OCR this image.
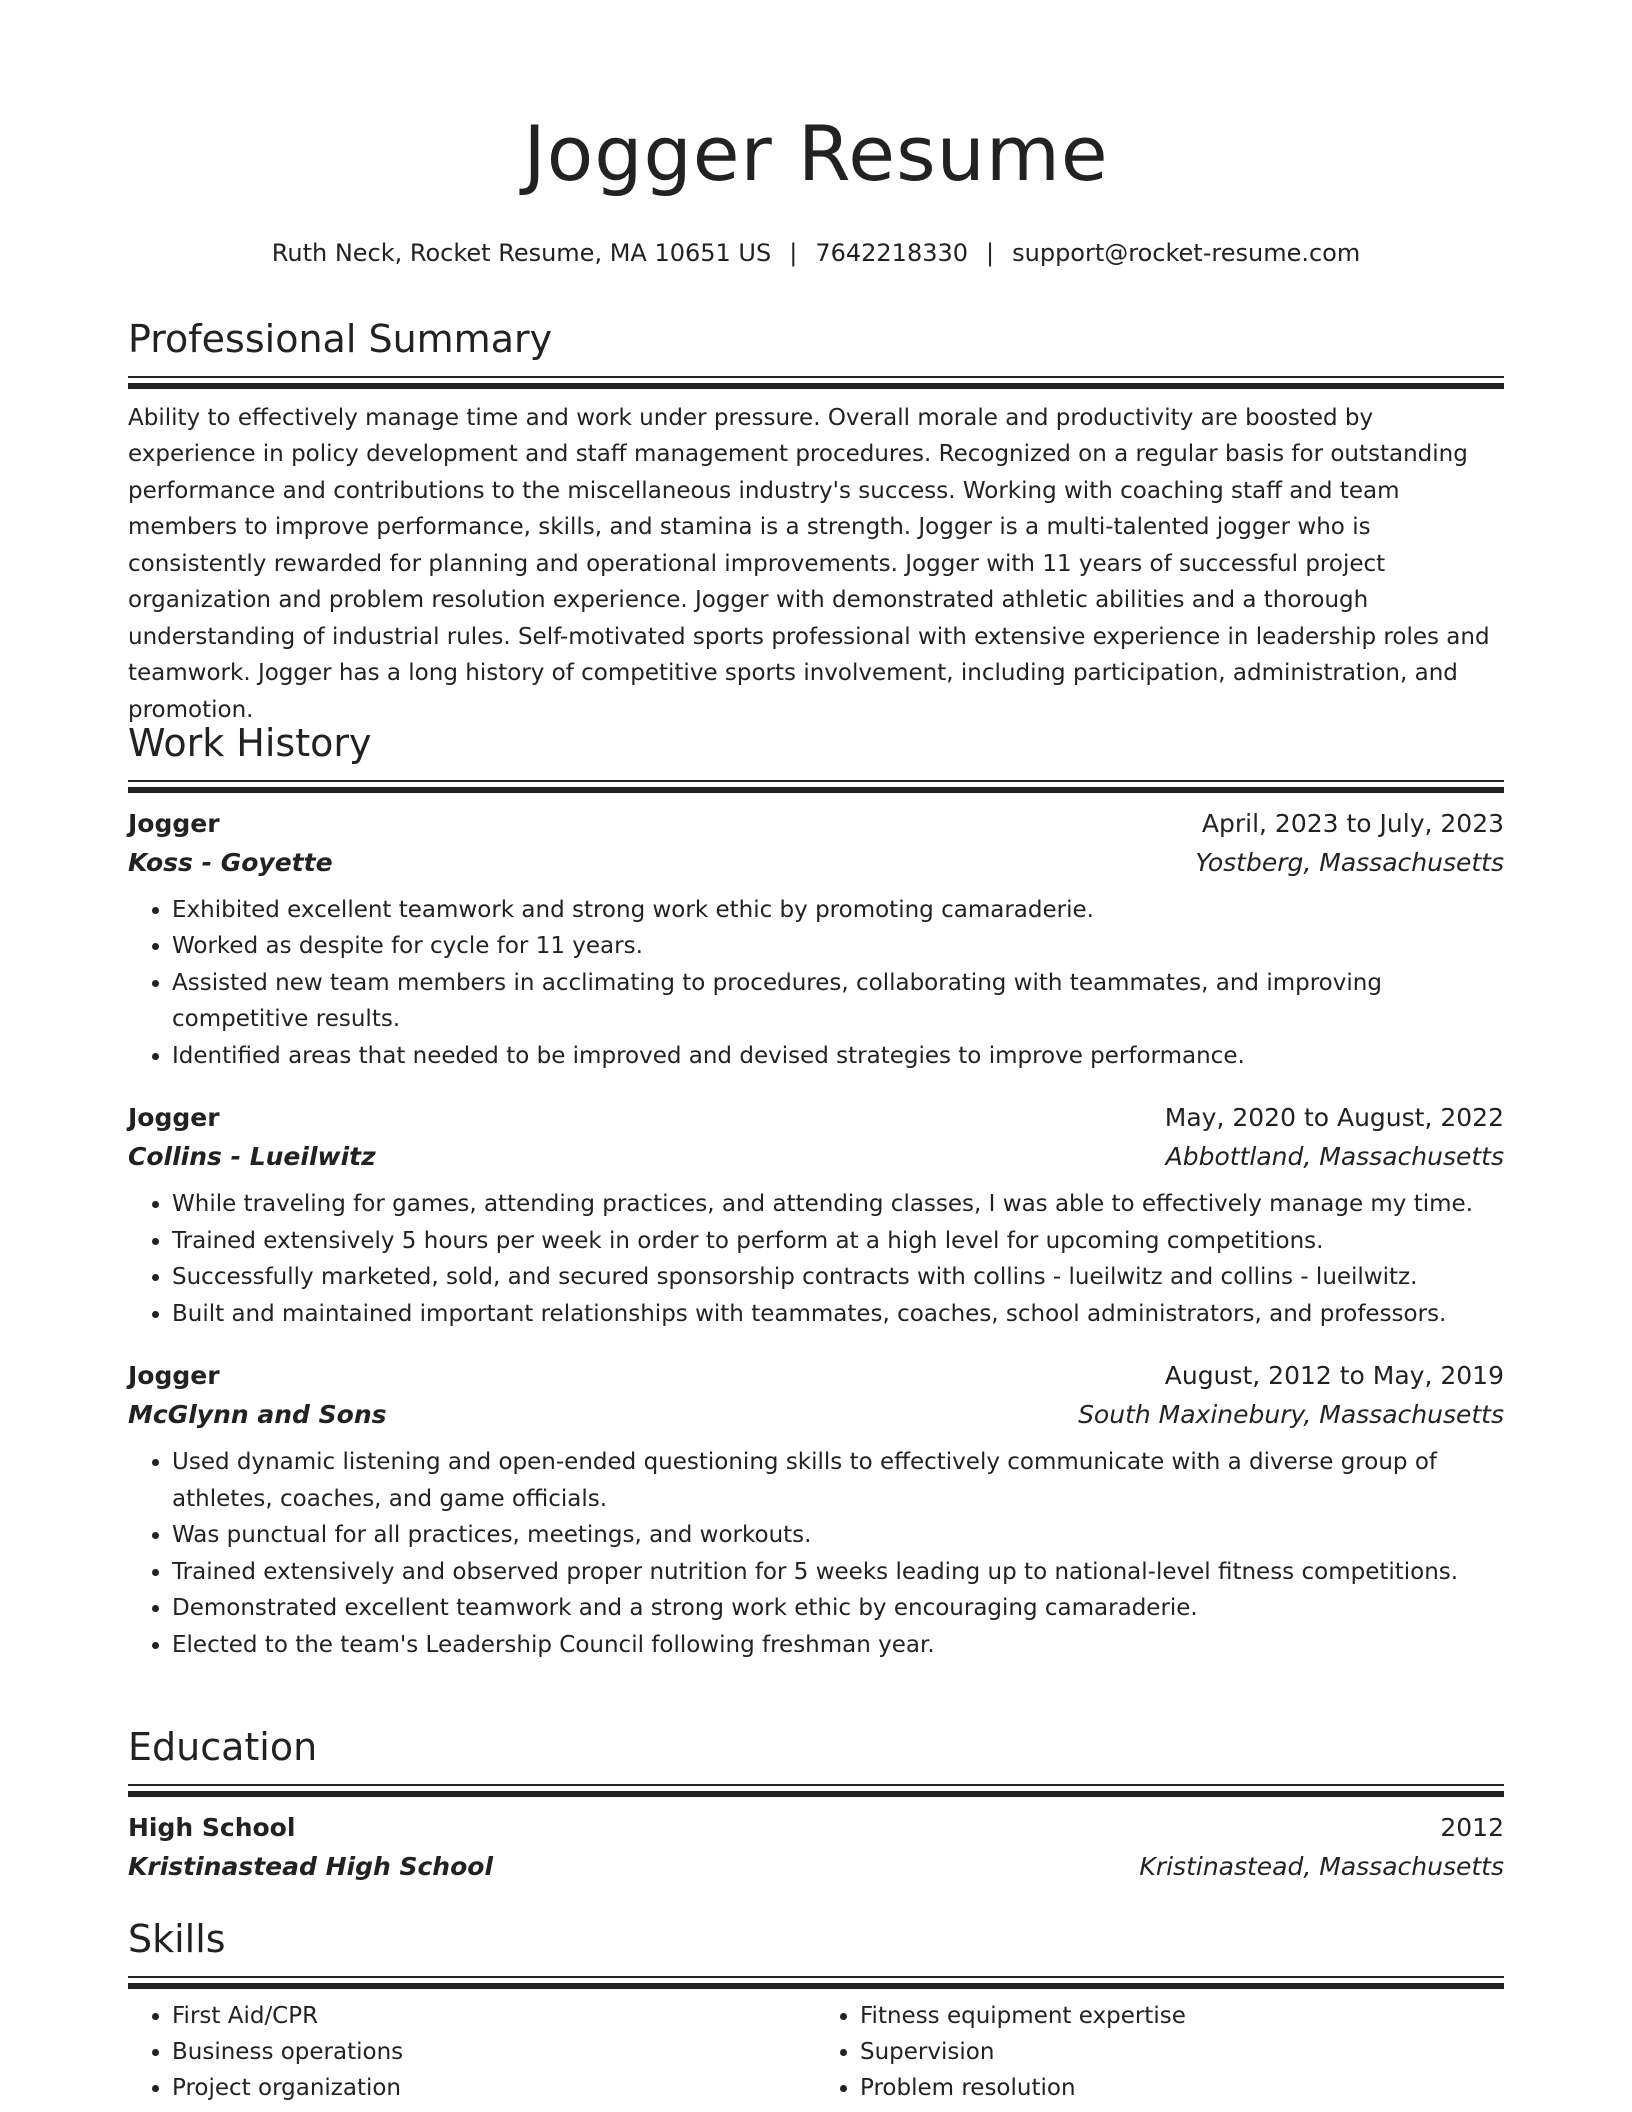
Jogger Resume
Ruth Neck, Rocket Resume, MA 10651 US | 7642218330 | support@rocket-resume.com
Professional Summary
Ability to effectively manage time and work under pressure. Overall morale and productivity are boosted by experience in policy development and staff management procedures. Recognized on a regular basis for outstanding performance and contributions to the miscellaneous industry's success. Working with coaching staff and team members to improve performance, skills, and stamina is a strength. Jogger is a multi-talented jogger who is consistently rewarded for planning and operational improvements. Jogger with 11 years of successful project organization and problem resolution experience. Jogger with demonstrated athletic abilities and a thorough understanding of industrial rules. Self-motivated sports professional with extensive experience in leadership roles and teamwork. Jogger has a long history of competitive sports involvement, including participation, administration, and promotion.
Work History
Jogger	April, 2023 to July, 2023
Koss - Goyette	Yostberg, Massachusetts
• Exhibited excellent teamwork and strong work ethic by promoting camaraderie.
• Worked as despite for cycle for 11 years.
• Assisted new team members in acclimating to procedures, collaborating with teammates, and improving competitive results.
• Identified areas that needed to be improved and devised strategies to improve performance.
Jogger	May, 2020 to August, 2022
Collins - Lueilwitz	Abbottland, Massachusetts
• While traveling for games, attending practices, and attending classes, I was able to effectively manage my time.
• Trained extensively 5 hours per week in order to perform at a high level for upcoming competitions.
• Successfully marketed, sold, and secured sponsorship contracts with collins - lueilwitz and collins - lueilwitz.
• Built and maintained important relationships with teammates, coaches, school administrators, and professors.
Jogger	August, 2012 to May, 2019
McGlynn and Sons	South Maxinebury, Massachusetts
• Used dynamic listening and open-ended questioning skills to effectively communicate with a diverse group of athletes, coaches, and game officials.
• Was punctual for all practices, meetings, and workouts.
• Trained extensively and observed proper nutrition for 5 weeks leading up to national-level fitness competitions.
• Demonstrated excellent teamwork and a strong work ethic by encouraging camaraderie.
• Elected to the team's Leadership Council following freshman year.
Education
High School	2012
Kristinastead High School	Kristinastead, Massachusetts
Skills
• First Aid/CPR
• Business operations
• Project organization
• Fitness equipment expertise
• Supervision
• Problem resolution
